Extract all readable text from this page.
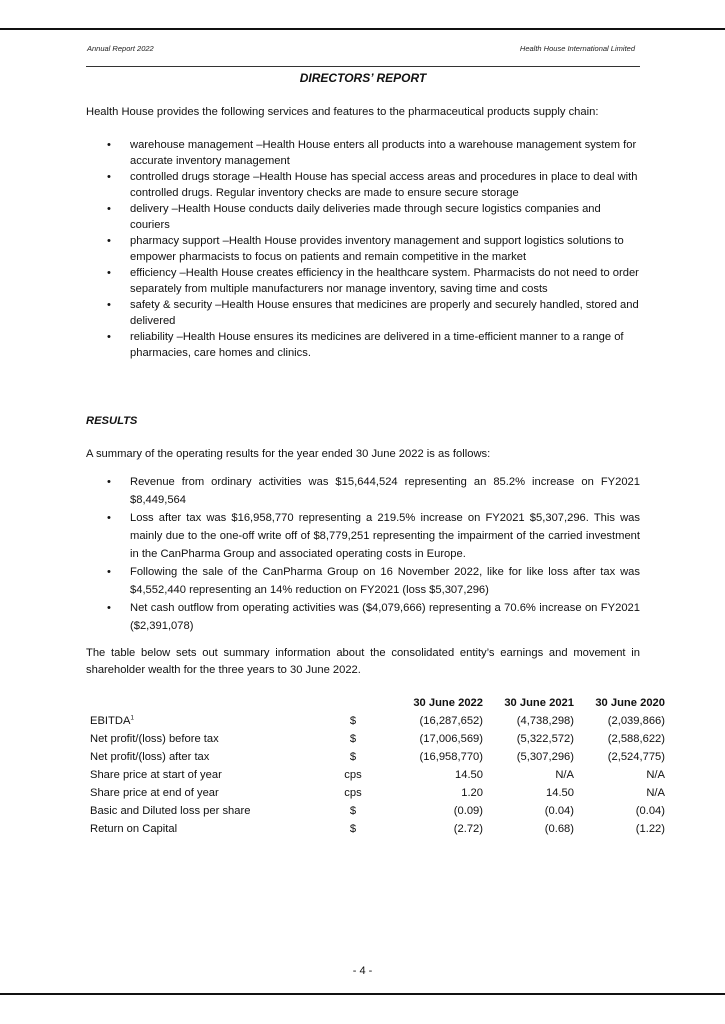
Annual Report 2022	Health House International Limited
DIRECTORS’ REPORT

Health House provides the following services and features to the pharmaceutical products supply chain:

• warehouse management –Health House enters all products into a warehouse management system for accurate inventory management
• controlled drugs storage –Health House has special access areas and procedures in place to deal with controlled drugs. Regular inventory checks are made to ensure secure storage
• delivery –Health House conducts daily deliveries made through secure logistics companies and couriers
• pharmacy support –Health House provides inventory management and support logistics solutions to empower pharmacists to focus on patients and remain competitive in the market
• efficiency –Health House creates efficiency in the healthcare system. Pharmacists do not need to order separately from multiple manufacturers nor manage inventory, saving time and costs
• safety & security –Health House ensures that medicines are properly and securely handled, stored and delivered
• reliability –Health House ensures its medicines are delivered in a time-efficient manner to a range of pharmacies, care homes and clinics.
RESULTS

A summary of the operating results for the year ended 30 June 2022 is as follows:

• Revenue from ordinary activities was $15,644,524 representing an 85.2% increase on FY2021 $8,449,564
• Loss after tax was $16,958,770 representing a 219.5% increase on FY2021 $5,307,296. This was mainly due to the one-off write off of $8,779,251 representing the impairment of the carried investment in the CanPharma Group and associated operating costs in Europe.
• Following the sale of the CanPharma Group on 16 November 2022, like for like loss after tax was $4,552,440 representing an 14% reduction on FY2021 (loss $5,307,296)
• Net cash outflow from operating activities was ($4,079,666) representing a 70.6% increase on FY2021 ($2,391,078)

The table below sets out summary information about the consolidated entity’s earnings and movement in shareholder wealth for the three years to 30 June 2022.

		30 June 2022	30 June 2021	30 June 2020
EBITDA$^1$	$	(16,287,652)	(4,738,298)	(2,039,866)
Net profit/(loss) before tax	$	(17,006,569)	(5,322,572)	(2,588,622)
Net profit/(loss) after tax	$	(16,958,770)	(5,307,296)	(2,524,775)
Share price at start of year	cps	14.50	N/A	N/A
Share price at end of year	cps	1.20	14.50	N/A
Basic and Diluted loss per share	$	(0.09)	(0.04)	(0.04)
Return on Capital	$	(2.72)	(0.68)	(1.22)
- 4 -
